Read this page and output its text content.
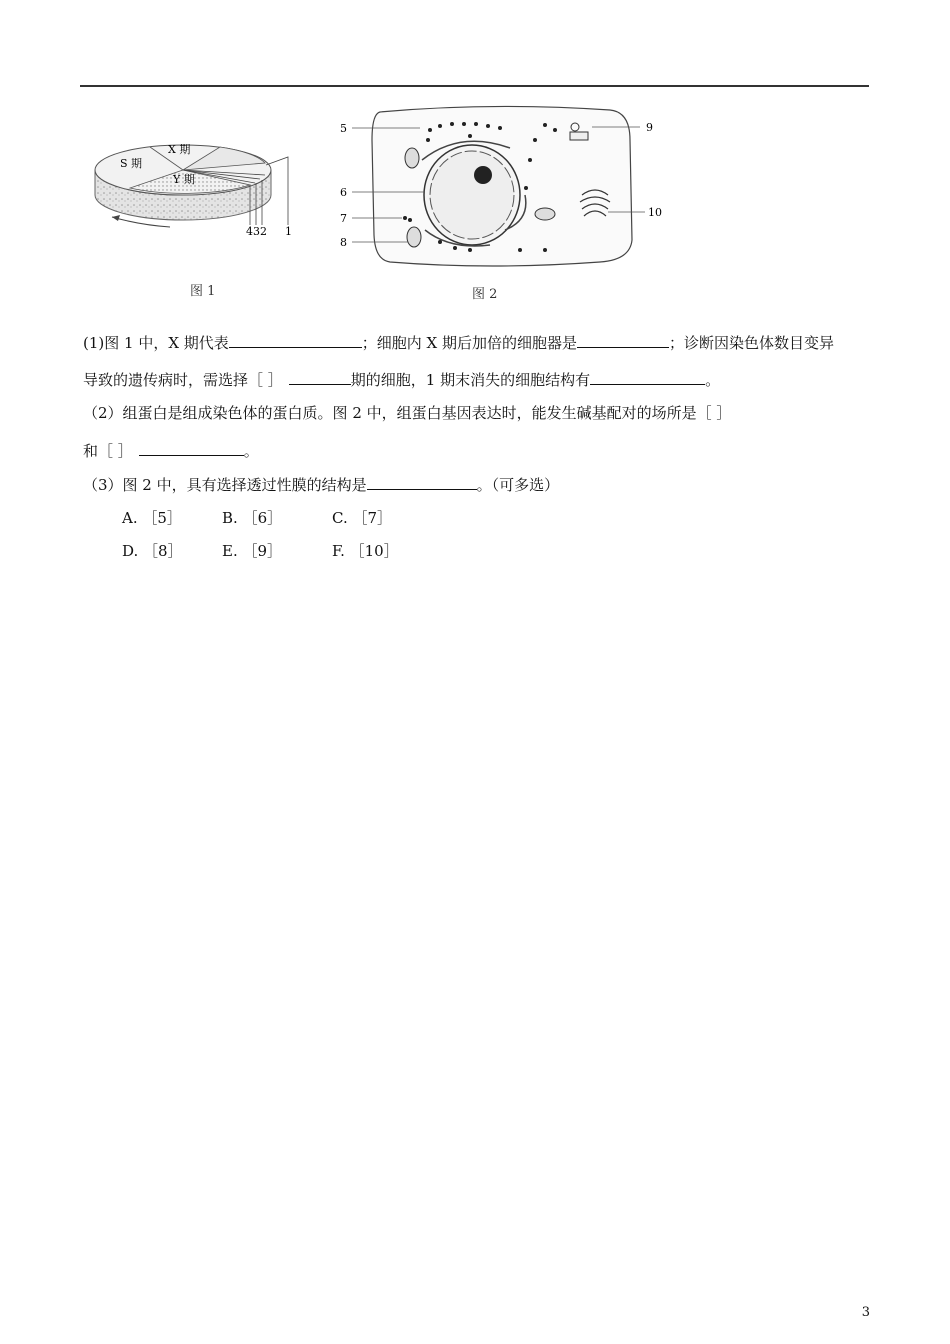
S 期
X 期
Y 期
4 3 2 1
图 1
5
6
7
8
9
10
图 2
(1)图 1 中，X 期代表	；细胞内 X 期后加倍的细胞器是	；诊断因染色体数目变异
导致的遗传病时，需选择［ ］	期的细胞，1 期末消失的细胞结构有	。
（2）组蛋白是组成染色体的蛋白质。图 2 中，组蛋白基因表达时，能发生碱基配对的场所是［ ］
和［ ］	。
（3）图 2 中，具有选择透过性膜的结构是	。（可多选）
A. ［5］	B. ［6］	C. ［7］
D. ［8］	E. ［9］	F. ［10］
3
